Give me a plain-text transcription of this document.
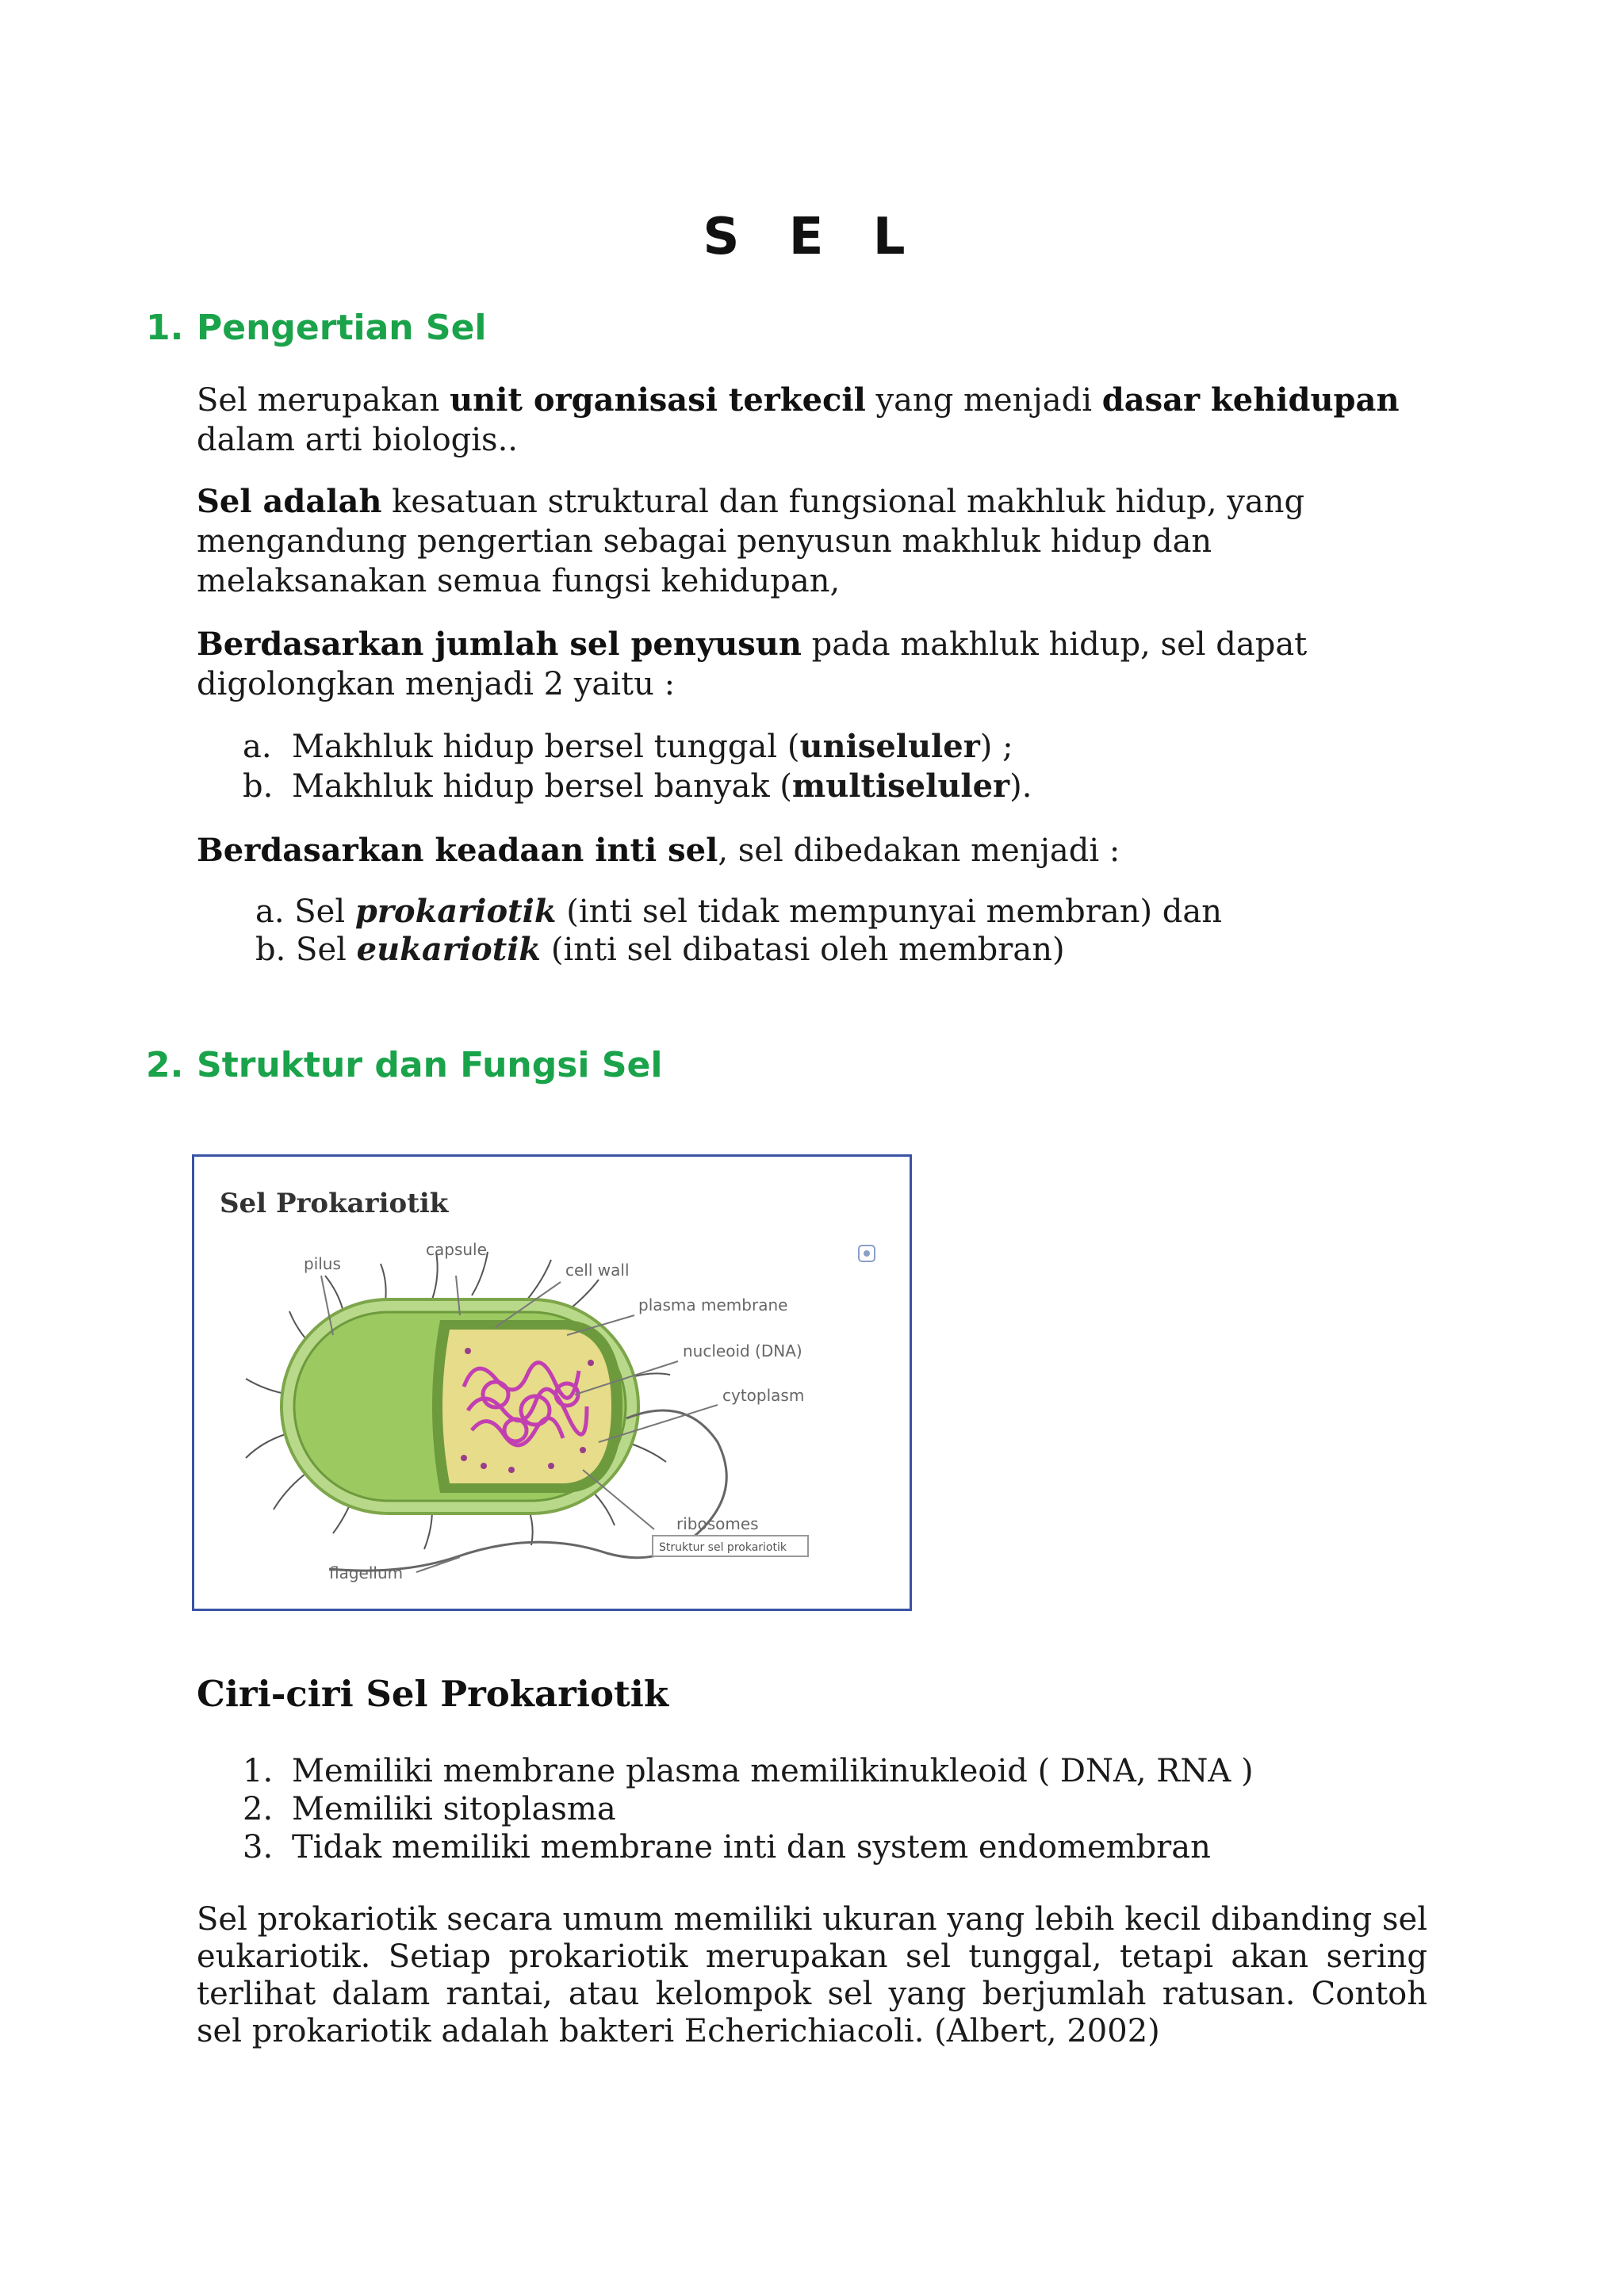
S E L
1. Pengertian Sel
Sel merupakan unit organisasi terkecil yang menjadi dasar kehidupan dalam arti biologis..
Sel adalah kesatuan struktural dan fungsional makhluk hidup, yang mengandung pengertian sebagai penyusun makhluk hidup dan melaksanakan semua fungsi kehidupan,
Berdasarkan jumlah sel penyusun pada makhluk hidup, sel dapat digolongkan menjadi 2 yaitu :
a. Makhluk hidup bersel tunggal (uniseluler) ;
b. Makhluk hidup bersel banyak (multiseluler).
Berdasarkan keadaan inti sel, sel dibedakan menjadi :
a. Sel prokariotik (inti sel tidak mempunyai membran) dan
b. Sel eukariotik (inti sel dibatasi oleh membran)
2. Struktur dan Fungsi Sel
Sel Prokariotik
pilus
capsule
cell wall
plasma membrane
nucleoid (DNA)
cytoplasm
ribosomes
flagellum
Struktur sel prokariotik
Ciri-ciri Sel Prokariotik
1. Memiliki membrane plasma memilikinukleoid ( DNA, RNA )
2. Memiliki sitoplasma
3. Tidak memiliki membrane inti dan system endomembran
Sel prokariotik secara umum memiliki ukuran yang lebih kecil dibanding sel eukariotik. Setiap prokariotik merupakan sel tunggal, tetapi akan sering terlihat dalam rantai, atau kelompok sel yang berjumlah ratusan. Contoh sel prokariotik adalah bakteri Echerichiacoli. (Albert, 2002)
